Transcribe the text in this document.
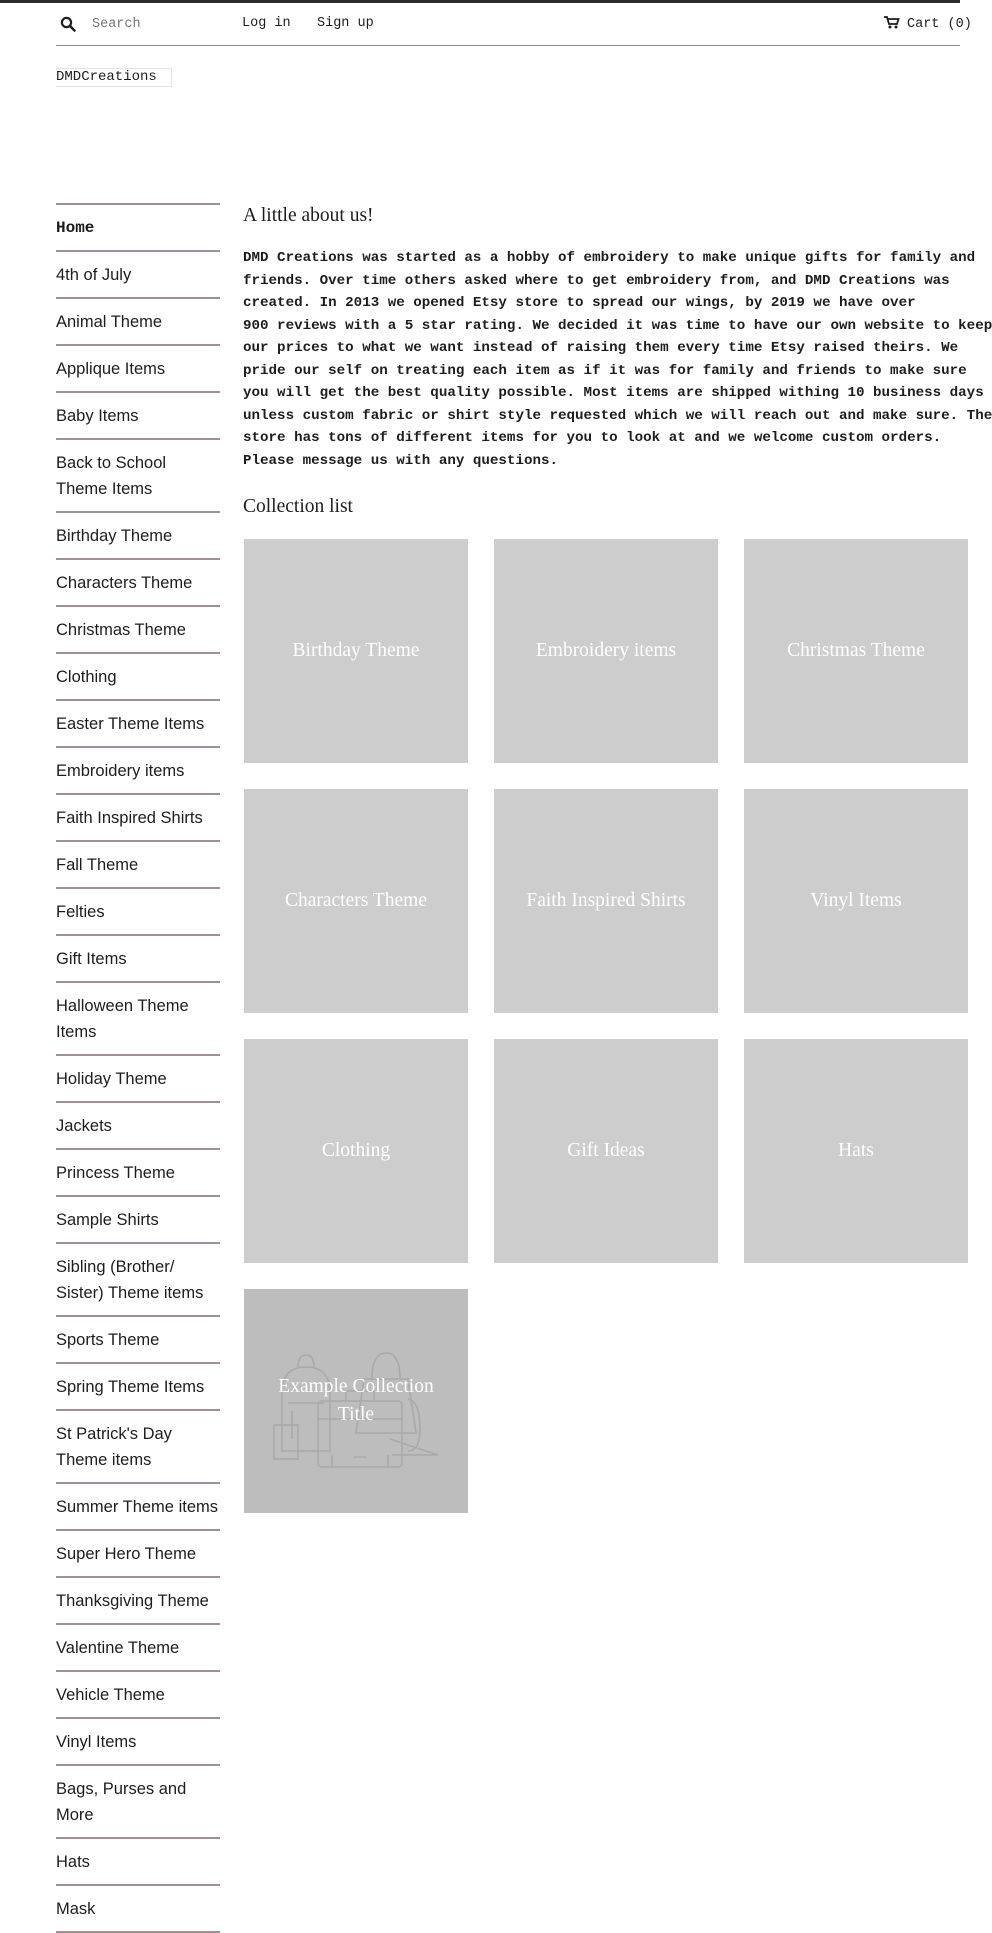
Search
Log in Sign up	Cart (0)
DMDCreations
Home
4th of July
Animal Theme
Applique Items
Baby Items
Back to School Theme Items
Birthday Theme
Characters Theme
Christmas Theme
Clothing
Easter Theme Items
Embroidery items
Faith Inspired Shirts
Fall Theme
Felties
Gift Items
Halloween Theme Items
Holiday Theme
Jackets
Princess Theme
Sample Shirts
Sibling (Brother/ Sister) Theme items
Sports Theme
Spring Theme Items
St Patrick's Day Theme items
Summer Theme items
Super Hero Theme
Thanksgiving Theme
Valentine Theme
Vehicle Theme
Vinyl Items
Bags, Purses and More
Hats
Mask
A little about us!
DMD Creations was started as a hobby of embroidery to make unique gifts for family and
friends. Over time others asked where to get embroidery from, and DMD Creations was
created. In 2013 we opened Etsy store to spread our wings, by 2019 we have over
900 reviews with a 5 star rating. We decided it was time to have our own website to keep
our prices to what we want instead of raising them every time Etsy raised theirs. We
pride our self on treating each item as if it was for family and friends to make sure
you will get the best quality possible. Most items are shipped withing 10 business days
unless custom fabric or shirt style requested which we will reach out and make sure. The
store has tons of different items for you to look at and we welcome custom orders.
Please message us with any questions.
Collection list
Birthday Theme	Embroidery items	Christmas Theme
Characters Theme	Faith Inspired Shirts	Vinyl Items
Clothing	Gift Ideas	Hats
Example Collection Title
